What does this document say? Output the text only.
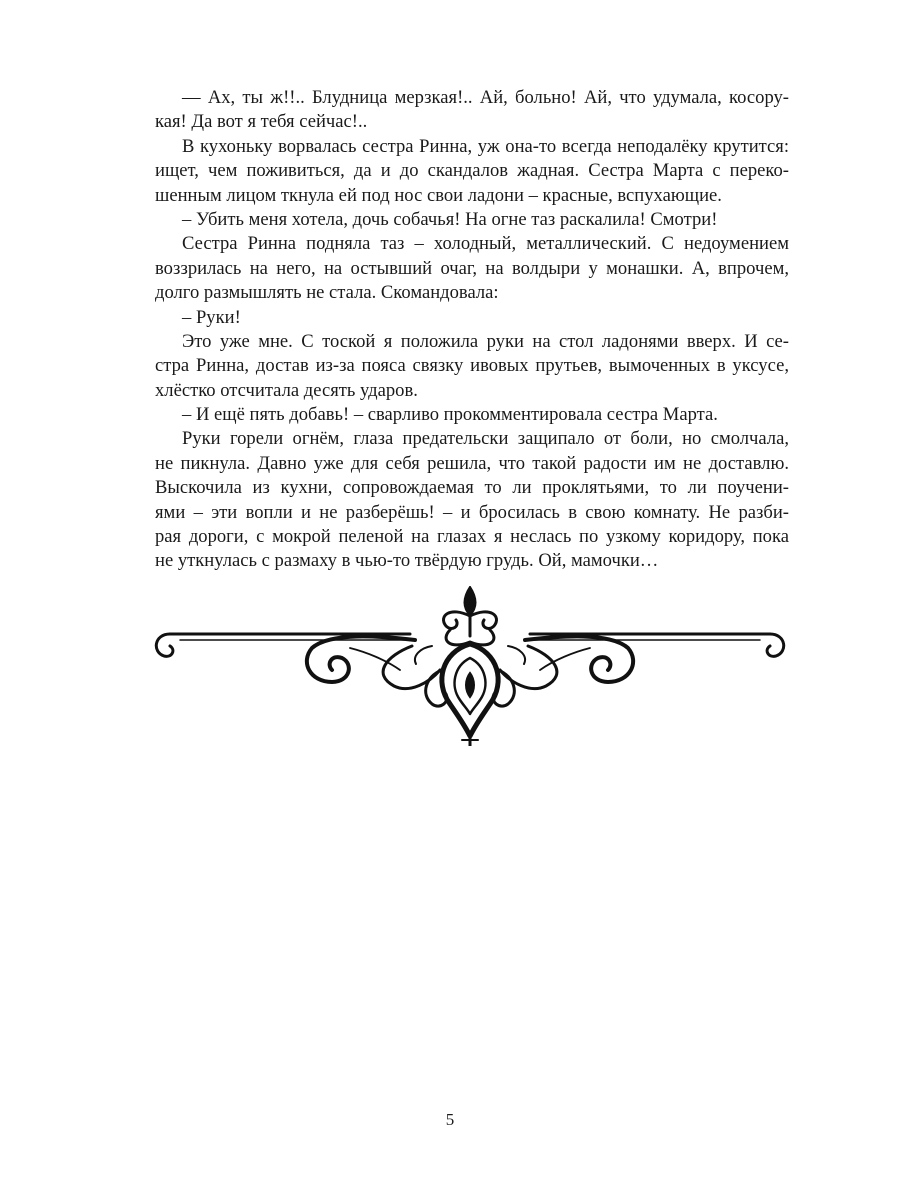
— Ах, ты ж!!.. Блудница мерзкая!.. Ай, больно! Ай, что удумала, косору-
кая! Да вот я тебя сейчас!..
В кухоньку ворвалась сестра Ринна, уж она-то всегда неподалёку крутится:
ищет, чем поживиться, да и до скандалов жадная. Сестра Марта с переко-
шенным лицом ткнула ей под нос свои ладони – красные, вспухающие.
– Убить меня хотела, дочь собачья! На огне таз раскалила! Смотри!
Сестра Ринна подняла таз – холодный, металлический. С недоумением
воззрилась на него, на остывший очаг, на волдыри у монашки. А, впрочем,
долго размышлять не стала. Скомандовала:
– Руки!
Это уже мне. С тоской я положила руки на стол ладонями вверх. И се-
стра Ринна, достав из-за пояса связку ивовых прутьев, вымоченных в уксусе,
хлёстко отсчитала десять ударов.
– И ещё пять добавь! – сварливо прокомментировала сестра Марта.
Руки горели огнём, глаза предательски защипало от боли, но смолчала,
не пикнула. Давно уже для себя решила, что такой радости им не доставлю.
Выскочила из кухни, сопровождаемая то ли проклятьями, то ли поучени-
ями – эти вопли и не разберёшь! – и бросилась в свою комнату. Не разби-
рая дороги, с мокрой пеленой на глазах я неслась по узкому коридору, пока
не уткнулась с размаху в чью-то твёрдую грудь. Ой, мамочки…
5
